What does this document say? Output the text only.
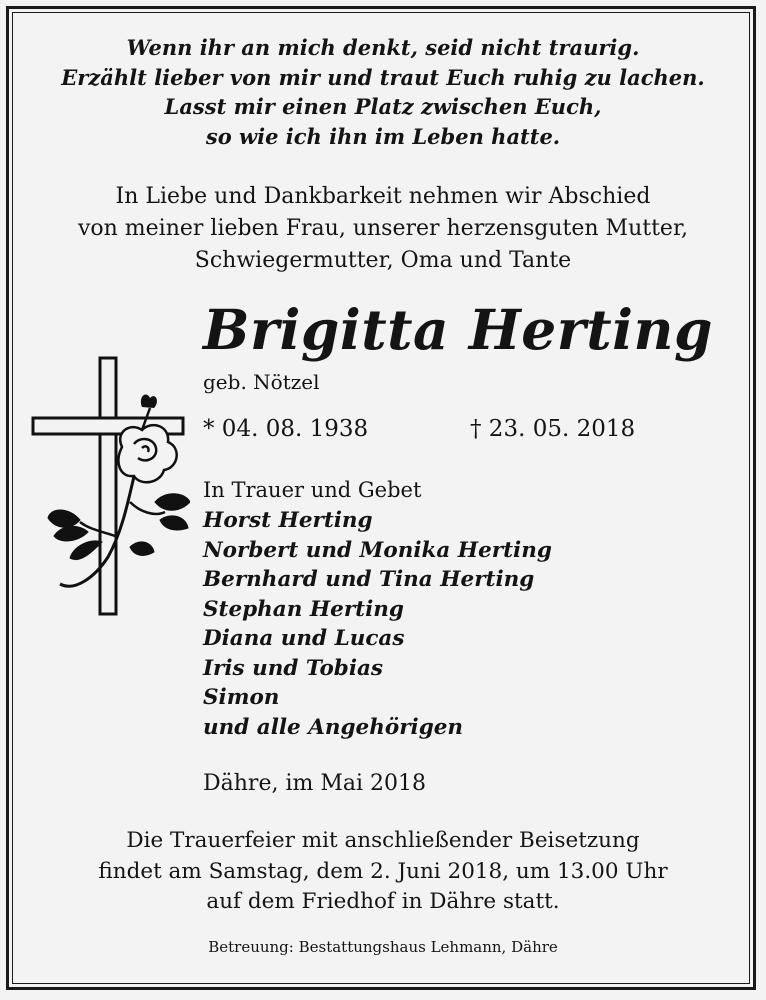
Wenn ihr an mich denkt, seid nicht traurig.
Erzählt lieber von mir und traut Euch ruhig zu lachen.
Lasst mir einen Platz zwischen Euch,
so wie ich ihn im Leben hatte.
In Liebe und Dankbarkeit nehmen wir Abschied
von meiner lieben Frau, unserer herzensguten Mutter,
Schwiegermutter, Oma und Tante
Brigitta Herting
geb. Nötzel
* 04. 08. 1938	† 23. 05. 2018
In Trauer und Gebet
Horst Herting
Norbert und Monika Herting
Bernhard und Tina Herting
Stephan Herting
Diana und Lucas
Iris und Tobias
Simon
und alle Angehörigen
Dähre, im Mai 2018
Die Trauerfeier mit anschließender Beisetzung
findet am Samstag, dem 2. Juni 2018, um 13.00 Uhr
auf dem Friedhof in Dähre statt.
Betreuung: Bestattungshaus Lehmann, Dähre
